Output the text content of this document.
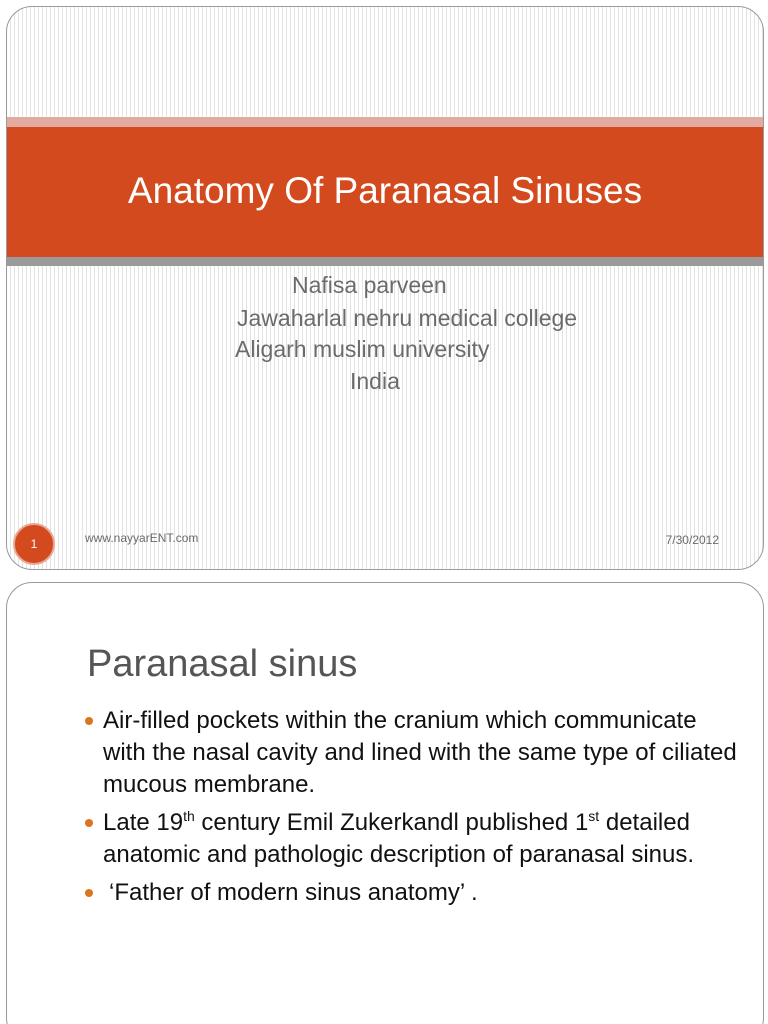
Anatomy Of Paranasal Sinuses
Nafisa parveen
Jawaharlal nehru medical college
Aligarh muslim university
India
1	www.nayyarENT.com	7/30/2012
Paranasal sinus
Air-filled pockets within the cranium which communicate with the nasal cavity and lined with the same type of ciliated mucous membrane.
Late 19th century Emil Zukerkandl published 1st detailed anatomic and pathologic description of paranasal sinus.
‘Father of modern sinus anatomy’ .
